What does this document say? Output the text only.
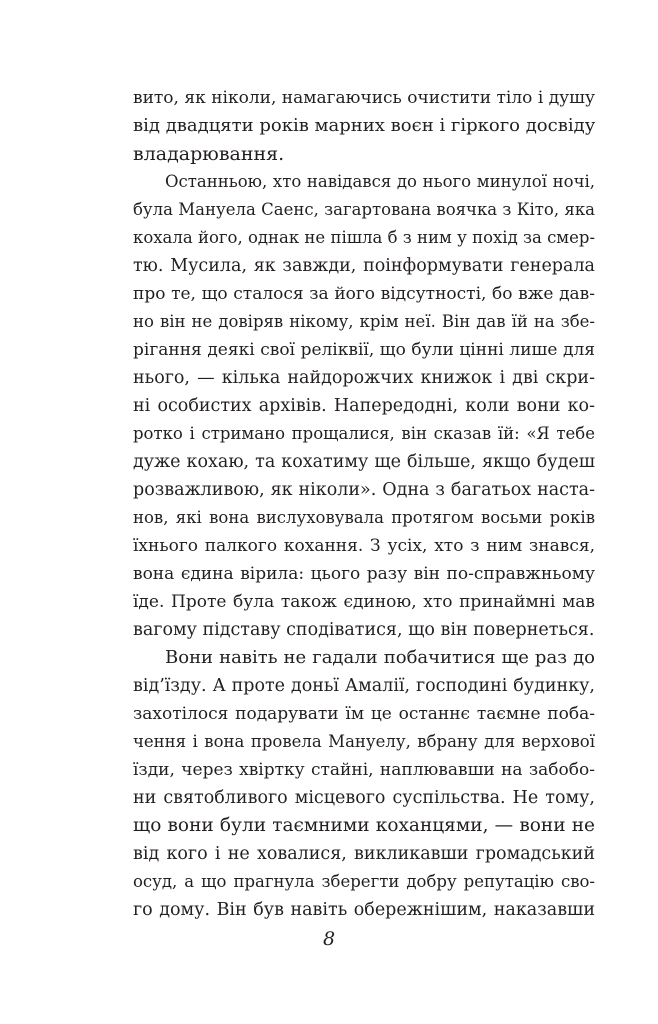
вито, як ніколи, намагаючись очистити тіло і душу
від двадцяти років марних воєн і гіркого досвіду
владарювання.
Останньою, хто навідався до нього минулої ночі,
була Мануела Саенс, загартована воячка з Кіто, яка
кохала його, однак не пішла б з ним у похід за смер-
тю. Мусила, як завжди, поінформувати генерала
про те, що сталося за його відсутності, бо вже дав-
но він не довіряв нікому, крім неї. Він дав їй на збе-
рігання деякі свої реліквії, що були цінні лише для
нього, — кілька найдорожчих книжок і дві скри-
ні особистих архівів. Напередодні, коли вони ко-
ротко і стримано прощалися, він сказав їй: «Я тебе
дуже кохаю, та кохатиму ще більше, якщо будеш
розважливою, як ніколи». Одна з багатьох наста-
нов, які вона вислуховувала протягом восьми років
їхнього палкого кохання. З усіх, хто з ним знався,
вона єдина вірила: цього разу він по-справжньому
їде. Проте була також єдиною, хто принаймні мав
вагому підставу сподіватися, що він повернеться.
Вони навіть не гадали побачитися ще раз до
від’їзду. А проте доньї Амалії, господині будинку,
захотілося подарувати їм це останнє таємне поба-
чення і вона провела Мануелу, вбрану для верхової
їзди, через хвіртку стайні, наплювавши на забобо-
ни святобливого місцевого суспільства. Не тому,
що вони були таємними коханцями, — вони не
від кого і не ховалися, викликавши громадський
осуд, а що прагнула зберегти добру репутацію сво-
го дому. Він був навіть обережнішим, наказавши
8
